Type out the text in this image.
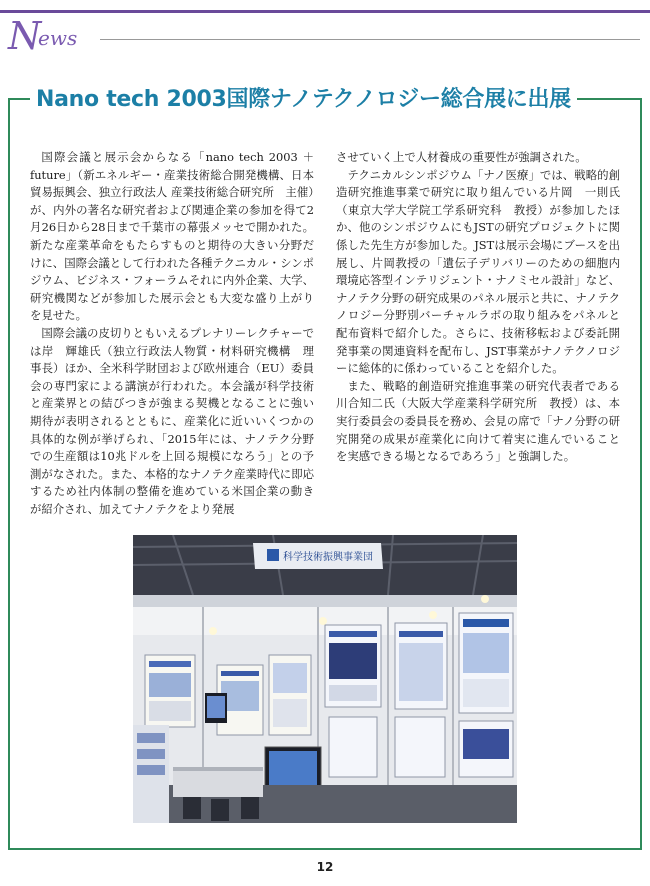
N
ews
Nano tech 2003国際ナノテクノロジー総合展に出展

国際会議と展示会からなる「nano tech 2003 ＋future」（新エネルギー・産業技術総合開発機構、日本貿易振興会、独立行政法人 産業技術総合研究所　主催）が、内外の著名な研究者および関連企業の参加を得て2月26日から28日まで千葉市の幕張メッセで開かれた。新たな産業革命をもたらすものと期待の大きい分野だけに、国際会議として行われた各種テクニカル・シンポジウム、ビジネス・フォーラムそれに内外企業、大学、研究機関などが参加した展示会とも大変な盛り上がりを見せた。

国際会議の皮切りともいえるプレナリーレクチャーでは岸　輝雄氏（独立行政法人物質・材料研究機構　理事長）ほか、全米科学財団および欧州連合（EU）委員会の専門家による講演が行われた。本会議が科学技術と産業界との結びつきが強まる契機となることに強い期待が表明されるとともに、産業化に近いいくつかの具体的な例が挙げられ、「2015年には、ナノテク分野での生産額は10兆ドルを上回る規模になろう」との予測がなされた。また、本格的なナノテク産業時代に即応するため社内体制の整備を進めている米国企業の動きが紹介され、加えてナノテクをより発展

させていく上で人材養成の重要性が強調された。

テクニカルシンポジウム「ナノ医療」では、戦略的創造研究推進事業で研究に取り組んでいる片岡　一則氏（東京大学大学院工学系研究科　教授）が参加したほか、他のシンポジウムにもJSTの研究プロジェクトに関係した先生方が参加した。JSTは展示会場にブースを出展し、片岡教授の「遺伝子デリバリーのための細胞内環境応答型インテリジェント・ナノミセル設計」など、ナノテク分野の研究成果のパネル展示と共に、ナノテクノロジー分野別バーチャルラボの取り組みをパネルと配布資料で紹介した。さらに、技術移転および委託開発事業の関連資料を配布し、JST事業がナノテクノロジーに総体的に係わっていることを紹介した。

また、戦略的創造研究推進事業の研究代表者である川合知二氏（大阪大学産業科学研究所　教授）は、本実行委員会の委員長を務め、会見の席で「ナノ分野の研究開発の成果が産業化に向けて着実に進んでいることを実感できる場となるであろう」と強調した。

科学技術振興事業団
12
